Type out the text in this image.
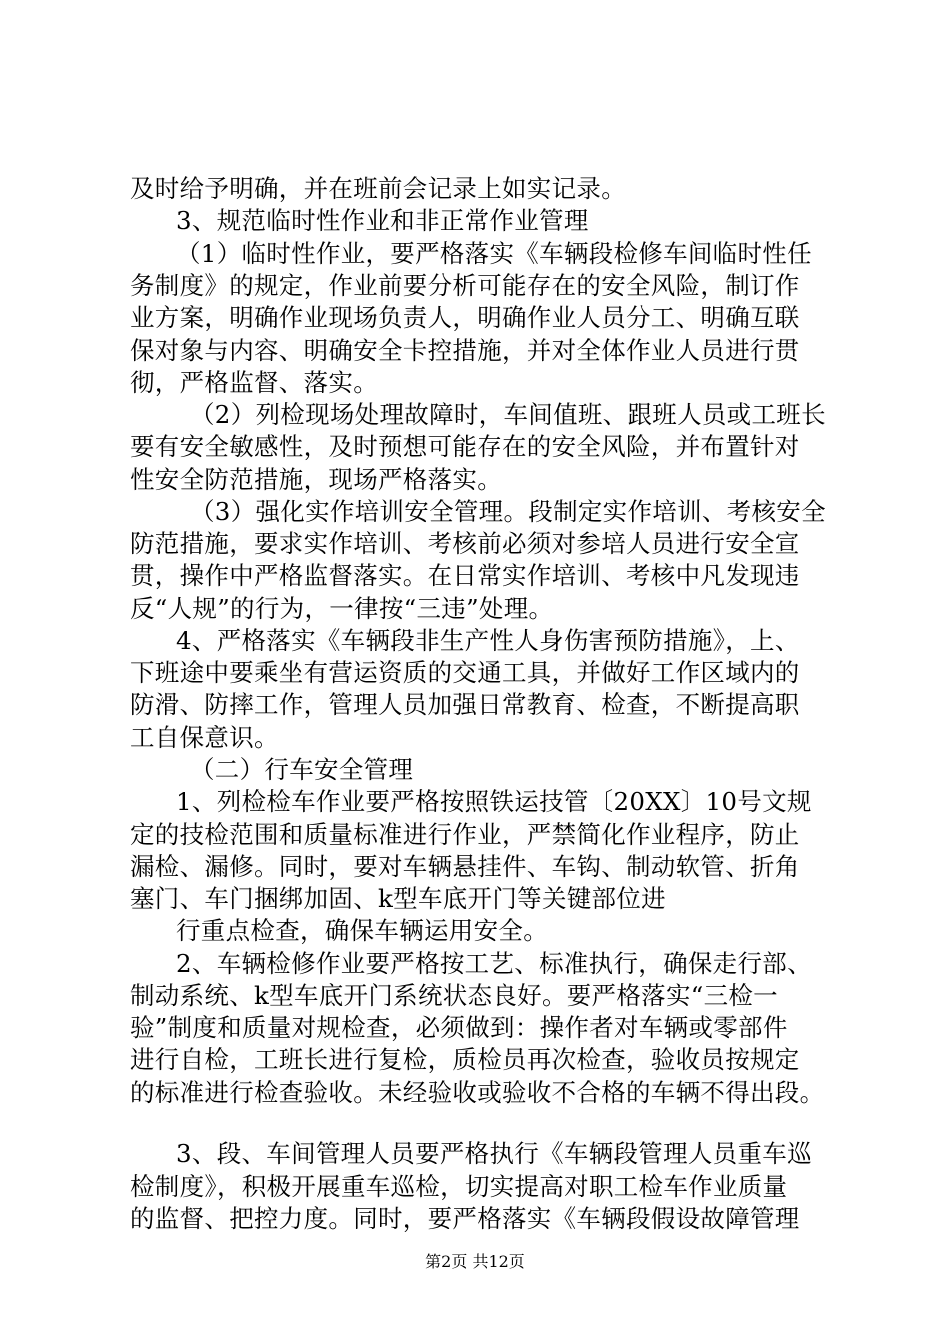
及时给予明确，并在班前会记录上如实记录。
3、规范临时性作业和非正常作业管理
（1）临时性作业，要严格落实《车辆段检修车间临时性任
务制度》的规定，作业前要分析可能存在的安全风险，制订作
业方案，明确作业现场负责人，明确作业人员分工、明确互联
保对象与内容、明确安全卡控措施，并对全体作业人员进行贯
彻，严格监督、落实。
（2）列检现场处理故障时，车间值班、跟班人员或工班长
要有安全敏感性，及时预想可能存在的安全风险，并布置针对
性安全防范措施，现场严格落实。
（3）强化实作培训安全管理。段制定实作培训、考核安全
防范措施，要求实作培训、考核前必须对参培人员进行安全宣
贯，操作中严格监督落实。在日常实作培训、考核中凡发现违
反“人规”的行为，一律按“三违”处理。
4、严格落实《车辆段非生产性人身伤害预防措施》，上、
下班途中要乘坐有营运资质的交通工具，并做好工作区域内的
防滑、防摔工作，管理人员加强日常教育、检查，不断提高职
工自保意识。
（二）行车安全管理
1、列检检车作业要严格按照铁运技管〔20XX〕10号文规
定的技检范围和质量标准进行作业，严禁简化作业程序，防止
漏检、漏修。同时，要对车辆悬挂件、车钩、制动软管、折角
塞门、车门捆绑加固、k型车底开门等关键部位进
行重点检查，确保车辆运用安全。
2、车辆检修作业要严格按工艺、标准执行，确保走行部、
制动系统、k型车底开门系统状态良好。要严格落实“三检一
验”制度和质量对规检查，必须做到：操作者对车辆或零部件
进行自检，工班长进行复检，质检员再次检查，验收员按规定
的标准进行检查验收。未经验收或验收不合格的车辆不得出段。
3、段、车间管理人员要严格执行《车辆段管理人员重车巡
检制度》，积极开展重车巡检，切实提高对职工检车作业质量
的监督、把控力度。同时，要严格落实《车辆段假设故障管理
第2页 共12页
